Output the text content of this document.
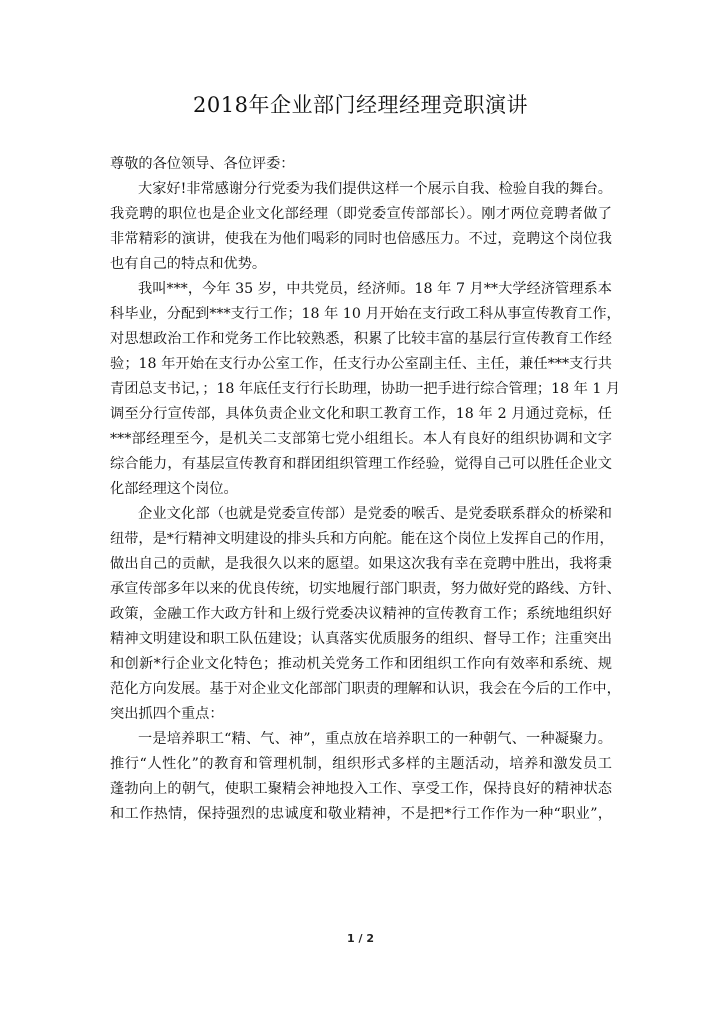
2018年企业部门经理经理竞职演讲
尊敬的各位领导、各位评委：
大家好!非常感谢分行党委为我们提供这样一个展示自我、检验自我的舞台。
我竞聘的职位也是企业文化部经理（即党委宣传部部长）。刚才两位竞聘者做了
非常精彩的演讲，使我在为他们喝彩的同时也倍感压力。不过，竞聘这个岗位我
也有自己的特点和优势。
我叫***，今年 35 岁，中共党员，经济师。18 年 7 月**大学经济管理系本
科毕业，分配到***支行工作；18 年 10 月开始在支行政工科从事宣传教育工作，
对思想政治工作和党务工作比较熟悉，积累了比较丰富的基层行宣传教育工作经
验；18 年开始在支行办公室工作，任支行办公室副主任、主任，兼任***支行共
青团总支书记，；18 年底任支行行长助理，协助一把手进行综合管理；18 年 1 月
调至分行宣传部，具体负责企业文化和职工教育工作，18 年 2 月通过竞标，任
***部经理至今，是机关二支部第七党小组组长。本人有良好的组织协调和文字
综合能力，有基层宣传教育和群团组织管理工作经验，觉得自己可以胜任企业文
化部经理这个岗位。
企业文化部（也就是党委宣传部）是党委的喉舌、是党委联系群众的桥梁和
纽带，是*行精神文明建设的排头兵和方向舵。能在这个岗位上发挥自己的作用，
做出自己的贡献，是我很久以来的愿望。如果这次我有幸在竞聘中胜出，我将秉
承宣传部多年以来的优良传统，切实地履行部门职责，努力做好党的路线、方针、
政策，金融工作大政方针和上级行党委决议精神的宣传教育工作；系统地组织好
精神文明建设和职工队伍建设；认真落实优质服务的组织、督导工作；注重突出
和创新*行企业文化特色；推动机关党务工作和团组织工作向有效率和系统、规
范化方向发展。基于对企业文化部部门职责的理解和认识，我会在今后的工作中，
突出抓四个重点：
一是培养职工“精、气、神”，重点放在培养职工的一种朝气、一种凝聚力。
推行“人性化”的教育和管理机制，组织形式多样的主题活动，培养和激发员工
蓬勃向上的朝气，使职工聚精会神地投入工作、享受工作，保持良好的精神状态
和工作热情，保持强烈的忠诚度和敬业精神，不是把*行工作作为一种“职业”，
1 / 2
